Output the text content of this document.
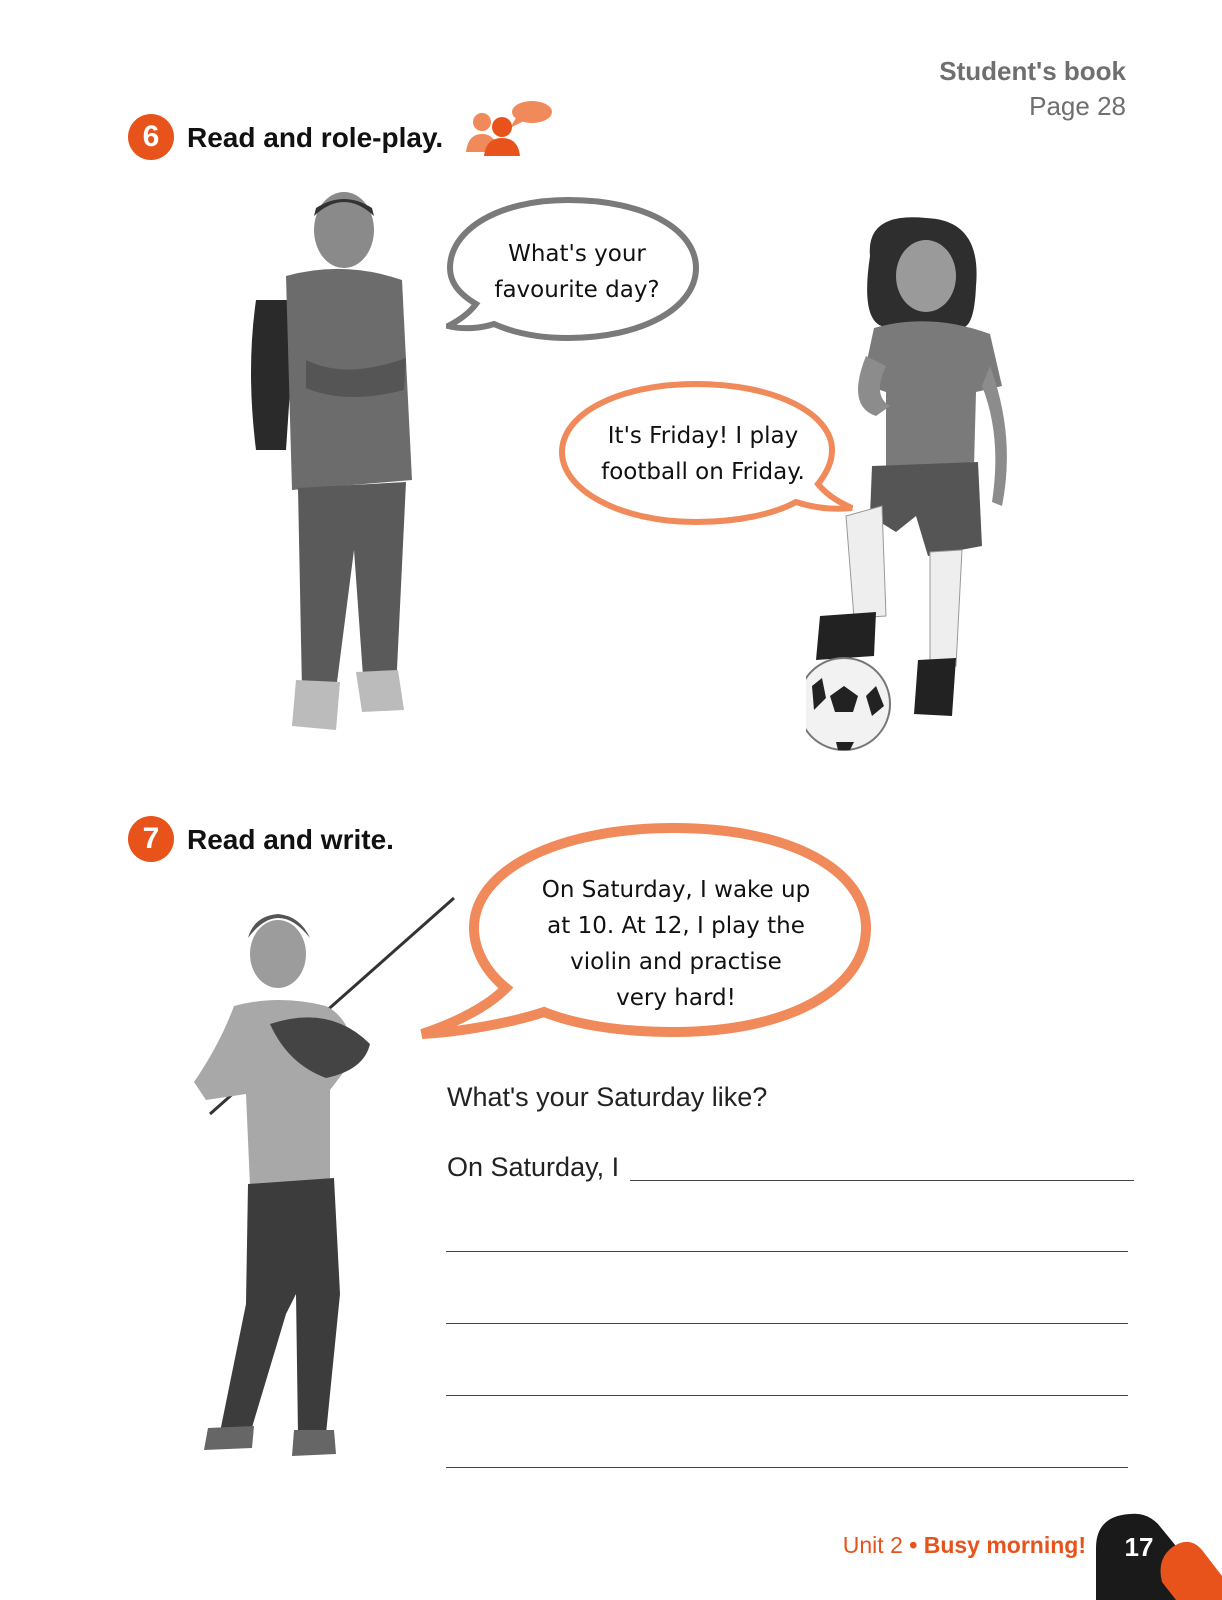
Student's book
Page 28
6 Read and role-play.
What's your
favourite day?
It's Friday! I play
football on Friday.
7 Read and write.
On Saturday, I wake up
at 10. At 12, I play the
violin and practise
very hard!
What's your Saturday like?
On Saturday, I
Unit 2 • Busy morning! 17
